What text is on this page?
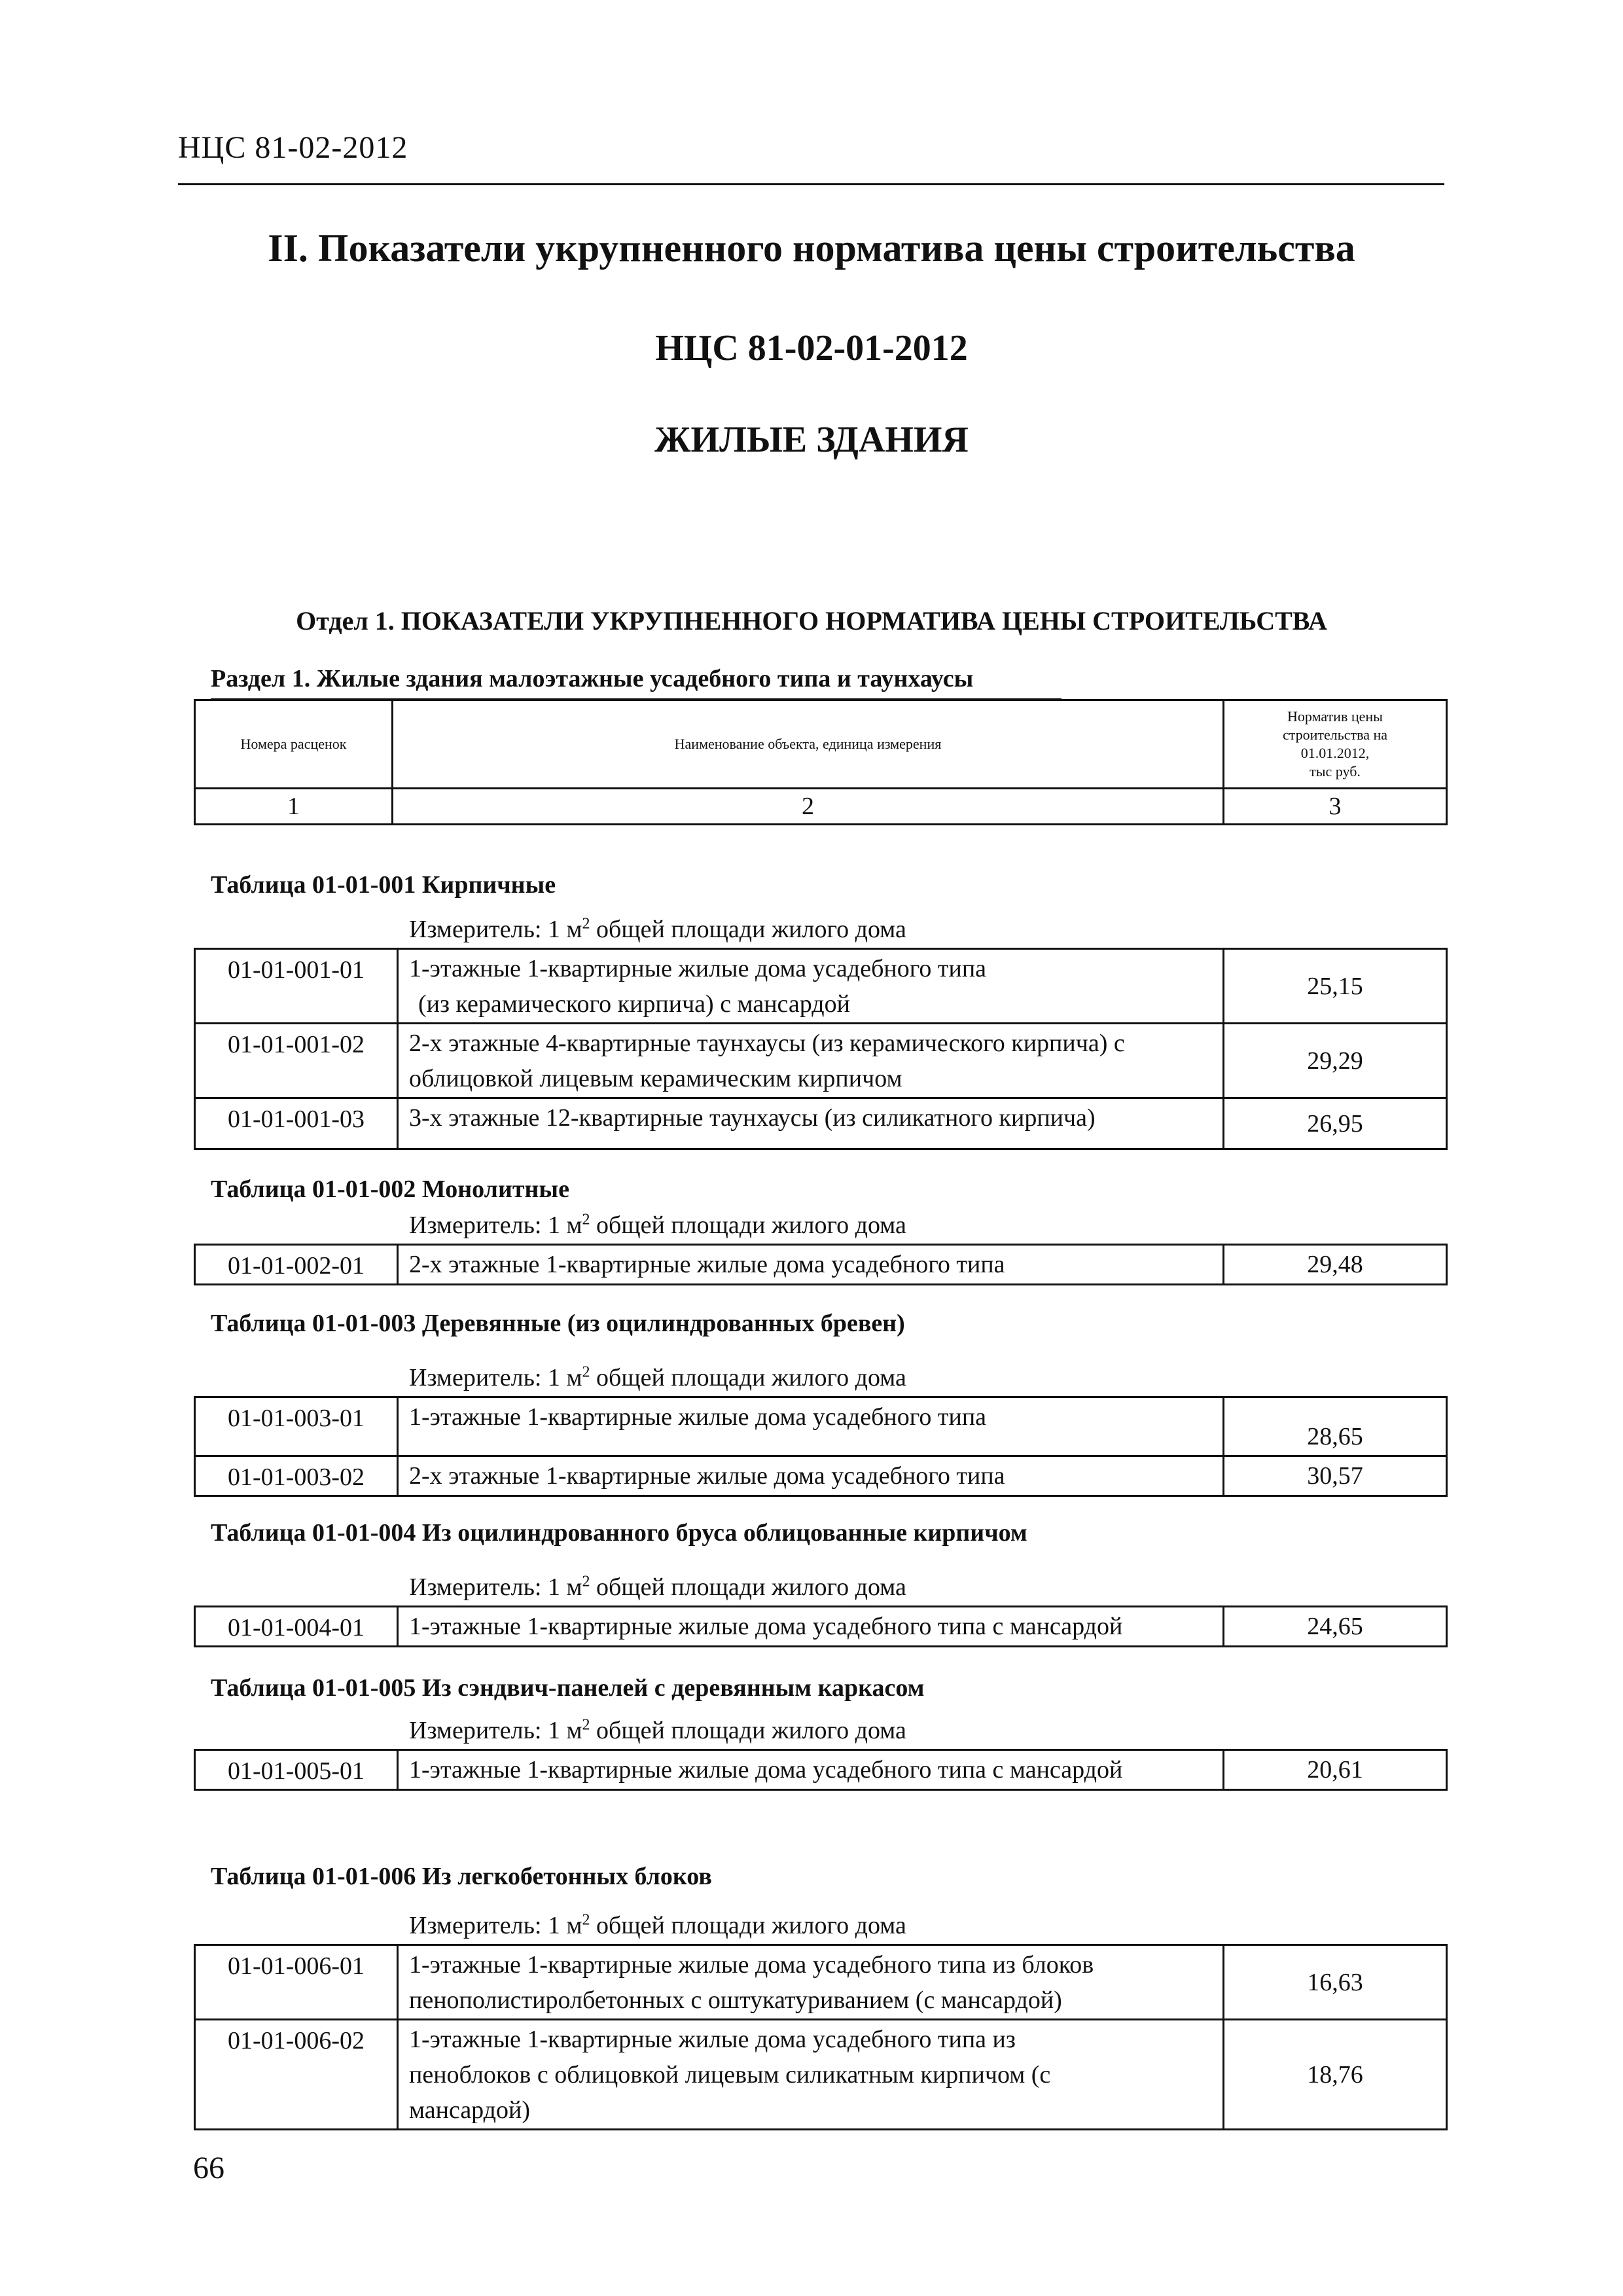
НЦС 81-02-2012
II. Показатели укрупненного норматива цены строительства
НЦС 81-02-01-2012
ЖИЛЫЕ ЗДАНИЯ
Отдел 1. ПОКАЗАТЕЛИ УКРУПНЕННОГО НОРМАТИВА ЦЕНЫ СТРОИТЕЛЬСТВА
Раздел 1. Жилые здания малоэтажные усадебного типа и таунхаусы
Номера расценок	Наименование объекта, единица измерения	Норматив цены
строительства на
01.01.2012,
тыс руб.

1	2	3
Таблица 01-01-001 Кирпичные
Измеритель: 1 $м^2$ общей площади жилого дома
01-01-001-01	1-этажные 1-квартирные жилые дома усадебного типа
(из керамического кирпича) с мансардой	25,15
01-01-001-02	2-х этажные 4-квартирные таунхаусы (из керамического кирпича) с
облицовкой лицевым керамическим кирпичом	29,29
01-01-001-03	3-х этажные 12-квартирные таунхаусы (из силикатного кирпича)	26,95
Таблица 01-01-002 Монолитные
Измеритель: 1 $м^2$ общей площади жилого дома
01-01-002-01	2-х этажные 1-квартирные жилые дома усадебного типа	29,48
Таблица 01-01-003 Деревянные (из оцилиндрованных бревен)
Измеритель: 1 $м^2$ общей площади жилого дома
01-01-003-01	1-этажные 1-квартирные жилые дома усадебного типа	28,65
01-01-003-02	2-х этажные 1-квартирные жилые дома усадебного типа	30,57
Таблица 01-01-004 Из оцилиндрованного бруса облицованные кирпичом
Измеритель: 1 $м^2$ общей площади жилого дома
01-01-004-01	1-этажные 1-квартирные жилые дома усадебного типа с мансардой	24,65
Таблица 01-01-005 Из сэндвич-панелей с деревянным каркасом
Измеритель: 1 $м^2$ общей площади жилого дома
01-01-005-01	1-этажные 1-квартирные жилые дома усадебного типа с мансардой	20,61
Таблица 01-01-006 Из легкобетонных блоков
Измеритель: 1 $м^2$ общей площади жилого дома
01-01-006-01	1-этажные 1-квартирные жилые дома усадебного типа из блоков
пенополистиролбетонных с оштукатуриванием (с мансардой)	16,63
01-01-006-02	1-этажные 1-квартирные жилые дома усадебного типа из
пеноблоков с облицовкой лицевым силикатным кирпичом (с
мансардой)	18,76
66
